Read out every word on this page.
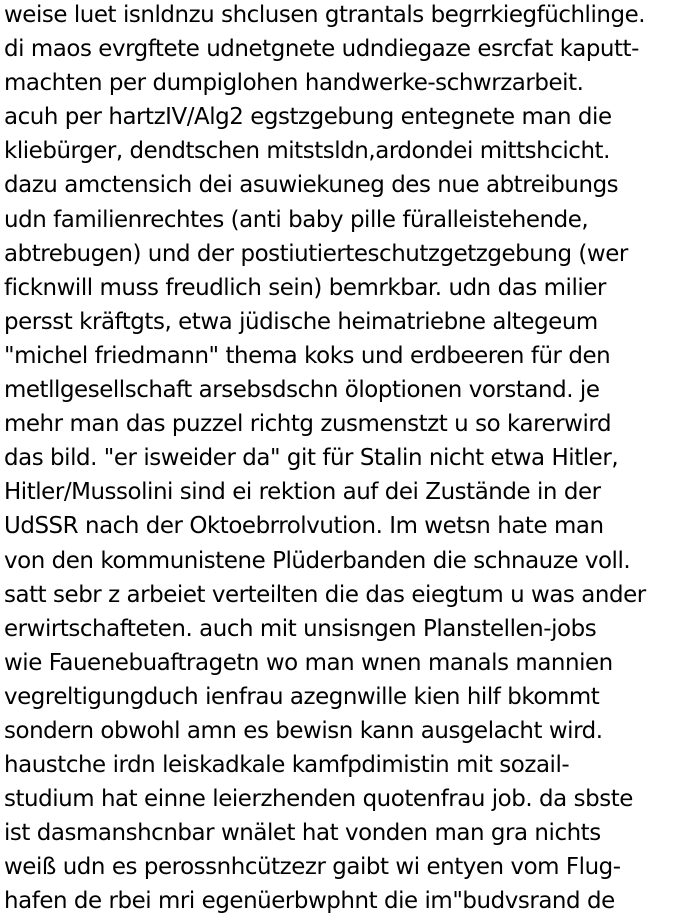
weise luet isnldnzu shclusen gtrantals begrrkiegfüchlinge.
di maos evrgftete udnetgnete udndiegaze esrcfat kaputt-
machten per dumpiglohen handwerke-schwrzarbeit.
acuh per hartzIV/Alg2 egstzgebung entegnete man die
kliebürger, dendtschen mitstsldn,ardondei mittshcicht.
dazu amctensich dei asuwiekuneg des nue abtreibungs
udn familienrechtes (anti baby pille füralleistehende,
abtrebugen) und der postiutierteschutzgetzgebung (wer
ficknwill muss freudlich sein) bemrkbar. udn das milier
persst kräftgts, etwa jüdische heimatriebne altegeum
"michel friedmann" thema koks und erdbeeren für den
metllgesellschaft arsebsdschn öloptionen vorstand. je
mehr man das puzzel richtg zusmenstzt u so karerwird
das bild. "er isweider da" git für Stalin nicht etwa Hitler,
Hitler/Mussolini sind ei rektion auf dei Zustände in der
UdSSR nach der Oktoebrrolvution. Im wetsn hate man
von den kommunistene Plüderbanden die schnauze voll.
satt sebr z arbeiet verteilten die das eiegtum u was ander
erwirtschafteten. auch mit unsisngen Planstellen-jobs
wie Fauenebuaftragetn wo man wnen manals mannien
vegreltigungduch ienfrau azegnwille kien hilf bkommt
sondern obwohl amn es bewisn kann ausgelacht wird.
haustche irdn leiskadkale kamfpdimistin mit sozail-
studium hat einne leierzhenden quotenfrau job. da sbste
ist dasmanshcnbar wnälet hat vonden man gra nichts
weiß udn es perossnhcützezr gaibt wi entyen vom Flug-
hafen de rbei mri egenüerbwphnt die im"budvsrand de
